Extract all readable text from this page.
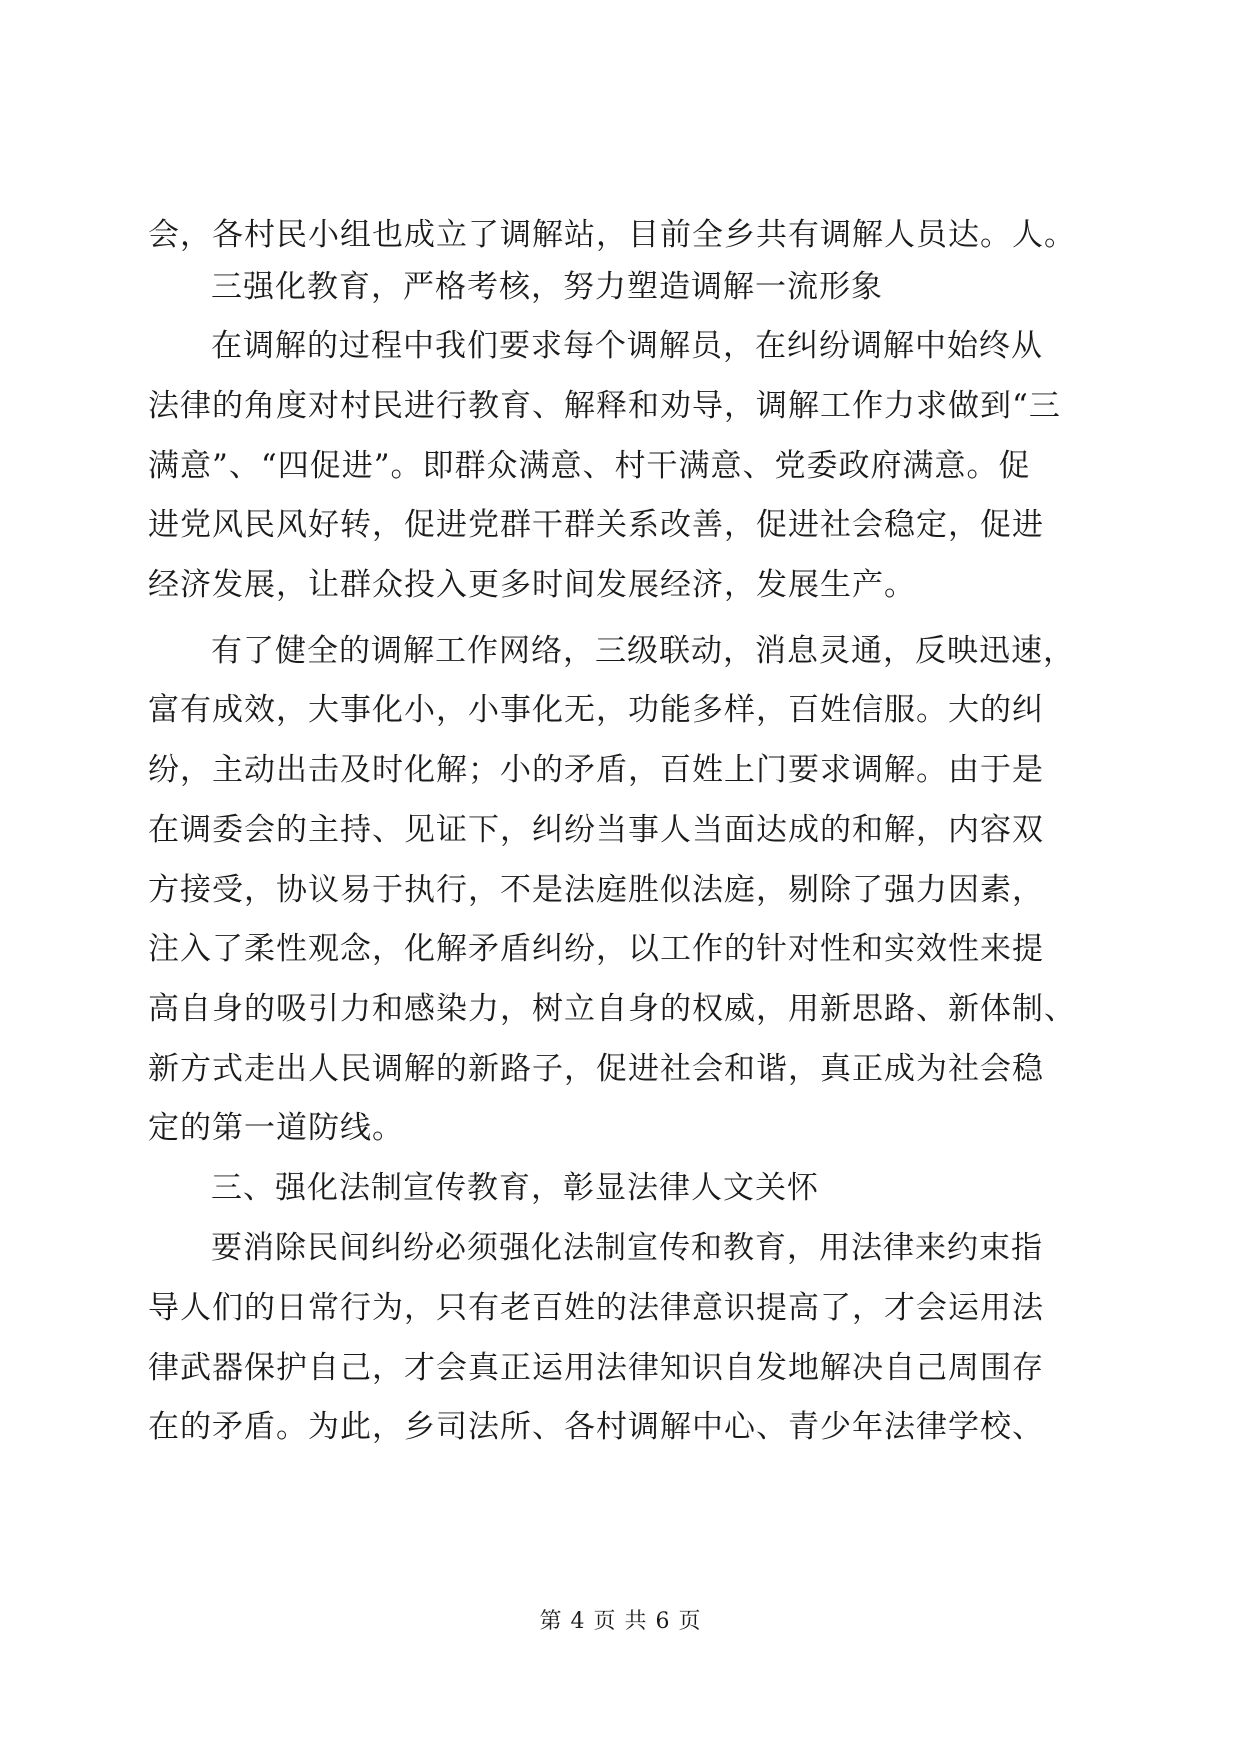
会，各村民小组也成立了调解站，目前全乡共有调解人员达。人。
三强化教育，严格考核，努力塑造调解一流形象
在调解的过程中我们要求每个调解员，在纠纷调解中始终从
法律的角度对村民进行教育、解释和劝导，调解工作力求做到“三
满意”、“四促进”。即群众满意、村干满意、党委政府满意。促
进党风民风好转，促进党群干群关系改善，促进社会稳定，促进
经济发展，让群众投入更多时间发展经济，发展生产。
有了健全的调解工作网络，三级联动，消息灵通，反映迅速，
富有成效，大事化小，小事化无，功能多样，百姓信服。大的纠
纷，主动出击及时化解；小的矛盾，百姓上门要求调解。由于是
在调委会的主持、见证下，纠纷当事人当面达成的和解，内容双
方接受，协议易于执行，不是法庭胜似法庭，剔除了强力因素，
注入了柔性观念，化解矛盾纠纷，以工作的针对性和实效性来提
高自身的吸引力和感染力，树立自身的权威，用新思路、新体制、
新方式走出人民调解的新路子，促进社会和谐，真正成为社会稳
定的第一道防线。
三、强化法制宣传教育，彰显法律人文关怀
要消除民间纠纷必须强化法制宣传和教育，用法律来约束指
导人们的日常行为，只有老百姓的法律意识提高了，才会运用法
律武器保护自己，才会真正运用法律知识自发地解决自己周围存
在的矛盾。为此，乡司法所、各村调解中心、青少年法律学校、
第 4 页 共 6 页
